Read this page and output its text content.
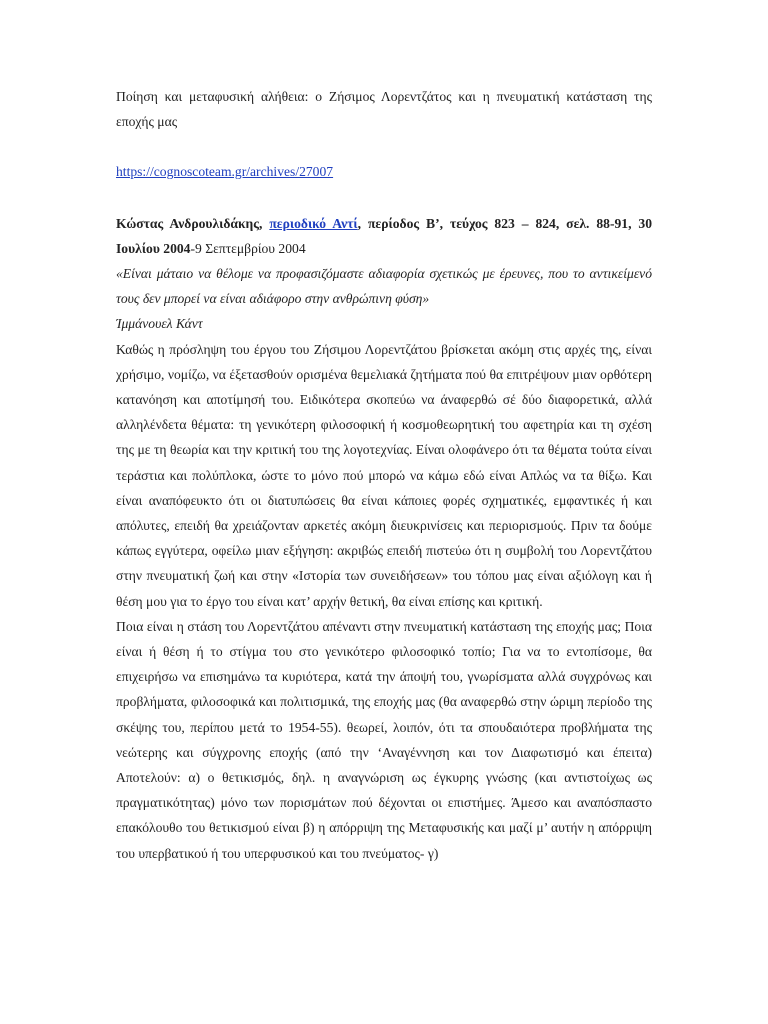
Ποίηση και μεταφυσική αλήθεια: ο Ζήσιμος Λορεντζάτος και η πνευματική κατάσταση της εποχής μας

https://cognoscoteam.gr/archives/27007

Κώστας Ανδρουλιδάκης, περιοδικό Αντί, περίοδος Β’, τεύχος 823 – 824, σελ. 88-91, 30 Ιουλίου 2004-9 Σεπτεμβρίου 2004

«Είναι μάταιο να θέλομε να προφασιζόμαστε αδιαφορία σχετικώς με έρευνες, που το αντικείμενό τους δεν μπορεί να είναι αδιάφορο στην ανθρώπινη φύση»

Ίμμάνουελ Κάντ

Καθώς η πρόσληψη του έργου του Ζήσιμου Λορεντζάτου βρίσκεται ακόμη στις αρχές της, είναι χρήσιμο, νομίζω, να έξετασθούν ορισμένα θεμελιακά ζητήματα πού θα επιτρέψουν μιαν ορθότερη κατανόηση και αποτίμησή του. Ειδικότερα σκοπεύω να άναφερθώ σέ δύο διαφορετικά, αλλά αλληλένδετα θέματα: τη γενικότερη φιλοσοφική ή κοσμοθεωρητική του αφετηρία και τη σχέση της με τη θεωρία και την κριτική του της λογοτεχνίας. Είναι ολοφάνερο ότι τα θέματα τούτα είναι τεράστια και πολύπλοκα, ώστε το μόνο πού μπορώ να κάμω εδώ είναι Απλώς να τα θίξω. Και είναι αναπόφευκτο ότι οι διατυπώσεις θα είναι κάποιες φορές σχηματικές, εμφαντικές ή και απόλυτες, επειδή θα χρειάζονταν αρκετές ακόμη διευκρινίσεις και περιορισμούς. Πριν τα δούμε κάπως εγγύτερα, οφείλω μιαν εξήγηση: ακριβώς επειδή πιστεύω ότι η συμβολή του Λορεντζάτου στην πνευματική ζωή και στην «Ιστορία των συνειδήσεων» του τόπου μας είναι αξιόλογη και ή θέση μου για το έργο του είναι κατ’ αρχήν θετική, θα είναι επίσης και κριτική.

Ποια είναι η στάση του Λορεντζάτου απέναντι στην πνευματική κατάσταση της εποχής μας; Ποια είναι ή θέση ή το στίγμα του στο γενικότερο φιλοσοφικό τοπίο; Για να το εντοπίσομε, θα επιχειρήσω να επισημάνω τα κυριότερα, κατά την άποψή του, γνωρίσματα αλλά συγχρόνως και προβλήματα, φιλοσοφικά και πολιτισμικά, της εποχής μας (θα αναφερθώ στην ώριμη περίοδο της σκέψης του, περίπου μετά το 1954-55). θεωρεί, λοιπόν, ότι τα σπουδαιότερα προβλήματα της νεώτερης και σύγχρονης εποχής (από την ‘Αναγέννηση και τον Διαφωτισμό και έπειτα) Αποτελούν: α) ο θετικισμός, δηλ. η αναγνώριση ως έγκυρης γνώσης (και αντιστοίχως ως πραγματικότητας) μόνο των πορισμάτων πού δέχονται οι επιστήμες. Άμεσο και αναπόσπαστο επακόλουθο του θετικισμού είναι β) η απόρριψη της Μεταφυσικής και μαζί μ’ αυτήν η απόρριψη του υπερβατικού ή του υπερφυσικού και του πνεύματος- γ)
